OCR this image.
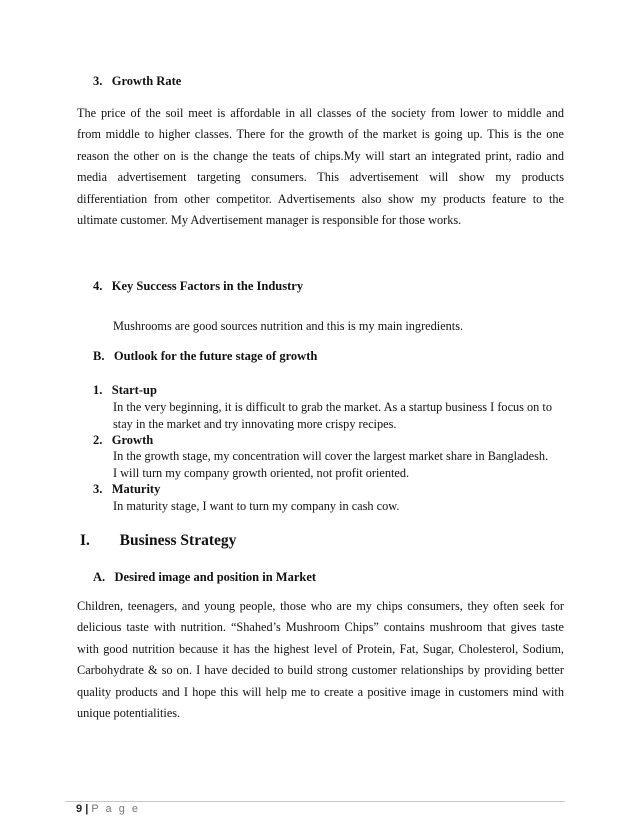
3. Growth Rate
The price of the soil meet is affordable in all classes of the society from lower to middle and
from middle to higher classes. There for the growth of the market is going up. This is the one
reason the other on is the change the teats of chips.My will start an integrated print, radio and
media advertisement targeting consumers. This advertisement will show my products
differentiation from other competitor. Advertisements also show my products feature to the
ultimate customer. My Advertisement manager is responsible for those works.
4. Key Success Factors in the Industry
Mushrooms are good sources nutrition and this is my main ingredients.
B. Outlook for the future stage of growth
1. Start-up
In the very beginning, it is difficult to grab the market. As a startup business I focus on to
stay in the market and try innovating more crispy recipes.
2. Growth
In the growth stage, my concentration will cover the largest market share in Bangladesh.
I will turn my company growth oriented, not profit oriented.
3. Maturity
In maturity stage, I want to turn my company in cash cow.
I. Business Strategy
A. Desired image and position in Market
Children, teenagers, and young people, those who are my chips consumers, they often seek for
delicious taste with nutrition. “Shahed’s Mushroom Chips” contains mushroom that gives taste
with good nutrition because it has the highest level of Protein, Fat, Sugar, Cholesterol, Sodium,
Carbohydrate & so on. I have decided to build strong customer relationships by providing better
quality products and I hope this will help me to create a positive image in customers mind with
unique potentialities.
9 | P a g e
